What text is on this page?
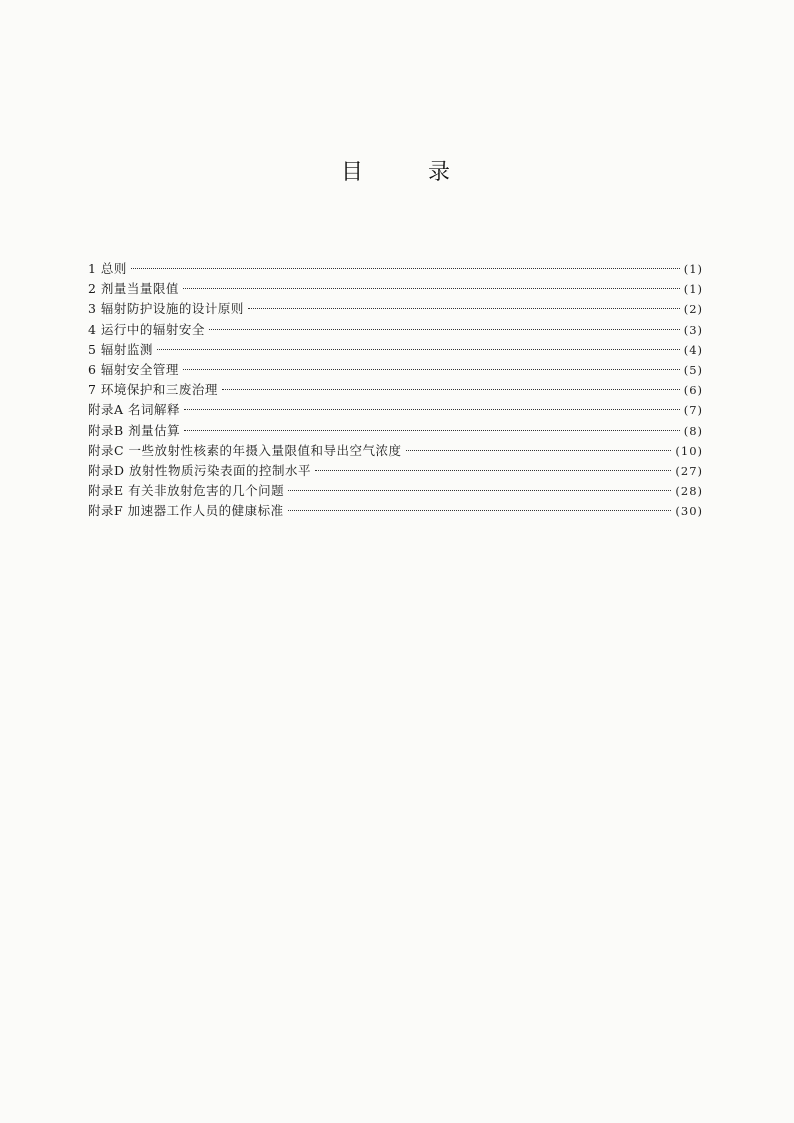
目	录
1 总则	(1)
2 剂量当量限值	(1)
3 辐射防护设施的设计原则	(2)
4 运行中的辐射安全	(3)
5 辐射监测	(4)
6 辐射安全管理	(5)
7 环境保护和三废治理	(6)
附录A 名词解释	(7)
附录B 剂量估算	(8)
附录C 一些放射性核素的年摄入量限值和导出空气浓度	(10)
附录D 放射性物质污染表面的控制水平	(27)
附录E 有关非放射危害的几个问题	(28)
附录F 加速器工作人员的健康标准	(30)
